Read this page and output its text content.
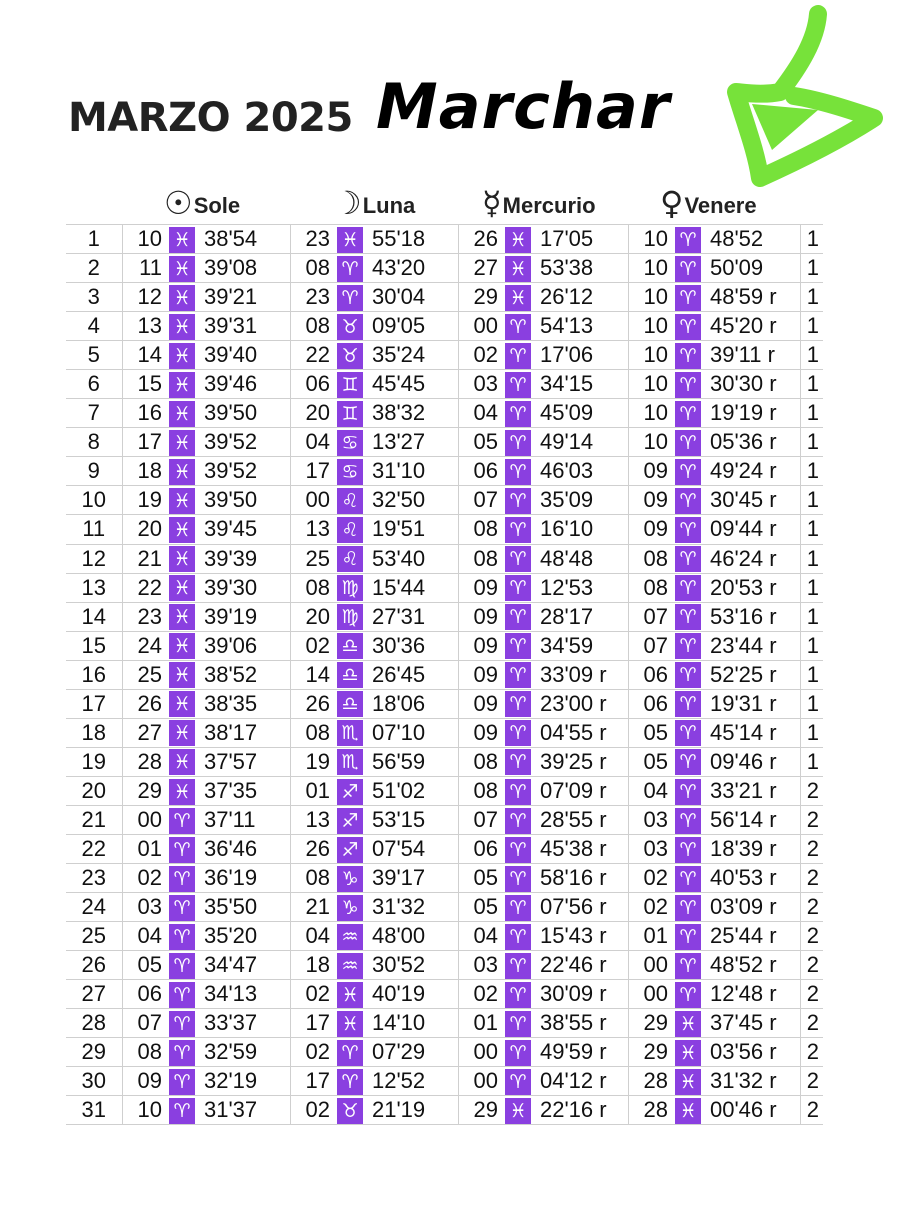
MARZO 2025 Marchar
☉ Sole	☽ Luna ☿ Mercurio ♀ Venere
1	10	♓	38'54	23	♓	55'18	26	♓	17'05	10	♈	48'52	1
2	11	♓	39'08	08	♈	43'20	27	♓	53'38	10	♈	50'09	1
3	12	♓	39'21	23	♈	30'04	29	♓	26'12	10	♈	48'59 r	1
4	13	♓	39'31	08	♉	09'05	00	♈	54'13	10	♈	45'20 r	1
5	14	♓	39'40	22	♉	35'24	02	♈	17'06	10	♈	39'11 r	1
6	15	♓	39'46	06	♊	45'45	03	♈	34'15	10	♈	30'30 r	1
7	16	♓	39'50	20	♊	38'32	04	♈	45'09	10	♈	19'19 r	1
8	17	♓	39'52	04	♋	13'27	05	♈	49'14	10	♈	05'36 r	1
9	18	♓	39'52	17	♋	31'10	06	♈	46'03	09	♈	49'24 r	1
10	19	♓	39'50	00	♌	32'50	07	♈	35'09	09	♈	30'45 r	1
11	20	♓	39'45	13	♌	19'51	08	♈	16'10	09	♈	09'44 r	1
12	21	♓	39'39	25	♌	53'40	08	♈	48'48	08	♈	46'24 r	1
13	22	♓	39'30	08	♍	15'44	09	♈	12'53	08	♈	20'53 r	1
14	23	♓	39'19	20	♍	27'31	09	♈	28'17	07	♈	53'16 r	1
15	24	♓	39'06	02	♎	30'36	09	♈	34'59	07	♈	23'44 r	1
16	25	♓	38'52	14	♎	26'45	09	♈	33'09 r	06	♈	52'25 r	1
17	26	♓	38'35	26	♎	18'06	09	♈	23'00 r	06	♈	19'31 r	1
18	27	♓	38'17	08	♏	07'10	09	♈	04'55 r	05	♈	45'14 r	1
19	28	♓	37'57	19	♏	56'59	08	♈	39'25 r	05	♈	09'46 r	1
20	29	♓	37'35	01	♐	51'02	08	♈	07'09 r	04	♈	33'21 r	2
21	00	♈	37'11	13	♐	53'15	07	♈	28'55 r	03	♈	56'14 r	2
22	01	♈	36'46	26	♐	07'54	06	♈	45'38 r	03	♈	18'39 r	2
23	02	♈	36'19	08	♑	39'17	05	♈	58'16 r	02	♈	40'53 r	2
24	03	♈	35'50	21	♑	31'32	05	♈	07'56 r	02	♈	03'09 r	2
25	04	♈	35'20	04	♒	48'00	04	♈	15'43 r	01	♈	25'44 r	2
26	05	♈	34'47	18	♒	30'52	03	♈	22'46 r	00	♈	48'52 r	2
27	06	♈	34'13	02	♓	40'19	02	♈	30'09 r	00	♈	12'48 r	2
28	07	♈	33'37	17	♓	14'10	01	♈	38'55 r	29	♓	37'45 r	2
29	08	♈	32'59	02	♈	07'29	00	♈	49'59 r	29	♓	03'56 r	2
30	09	♈	32'19	17	♈	12'52	00	♈	04'12 r	28	♓	31'32 r	2
31	10	♈	31'37	02	♉	21'19	29	♓	22'16 r	28	♓	00'46 r	2
